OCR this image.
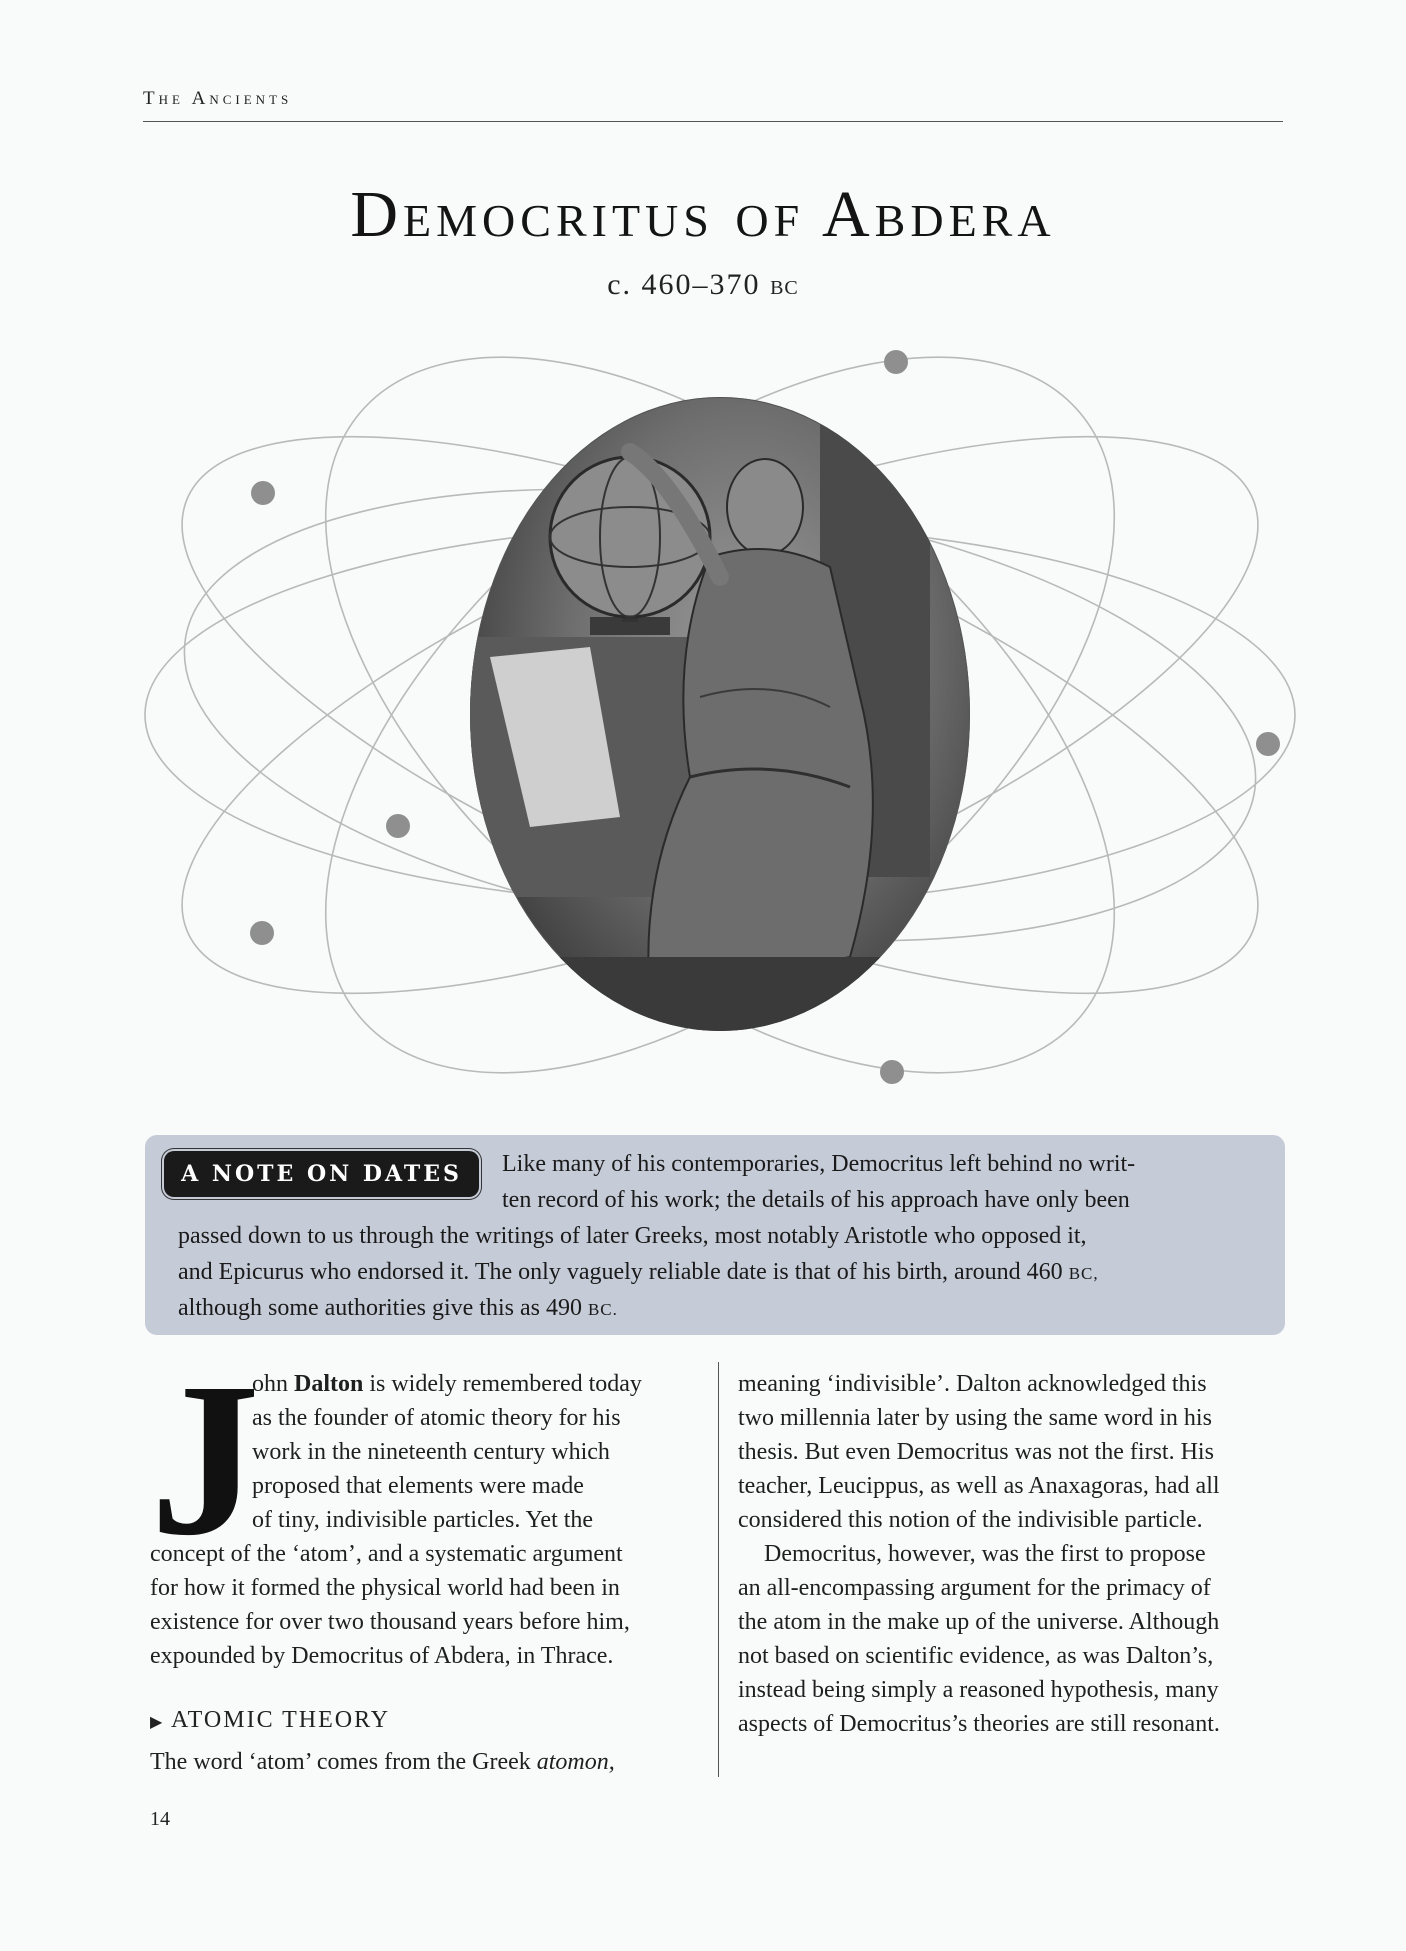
The Ancients
Democritus of Abdera
c. 460–370 BC
A NOTE ON DATES	Like many of his contemporaries, Democritus left behind no writ-
ten record of his work; the details of his approach have only been
passed down to us through the writings of later Greeks, most notably Aristotle who opposed it,
and Epicurus who endorsed it. The only vaguely reliable date is that of his birth, around 460 BC,
although some authorities give this as 490 BC.
J
ohn Dalton is widely remembered today
as the founder of atomic theory for his
work in the nineteenth century which
proposed that elements were made
of tiny, indivisible particles. Yet the
concept of the ‘atom’, and a systematic argument
for how it formed the physical world had been in
existence for over two thousand years before him,
expounded by Democritus of Abdera, in Thrace.
▶ ATOMIC THEORY
The word ‘atom’ comes from the Greek atomon,
meaning ‘indivisible’. Dalton acknowledged this
two millennia later by using the same word in his
thesis. But even Democritus was not the first. His
teacher, Leucippus, as well as Anaxagoras, had all
considered this notion of the indivisible particle.
Democritus, however, was the first to propose
an all-encompassing argument for the primacy of
the atom in the make up of the universe. Although
not based on scientific evidence, as was Dalton’s,
instead being simply a reasoned hypothesis, many
aspects of Democritus’s theories are still resonant.
14
